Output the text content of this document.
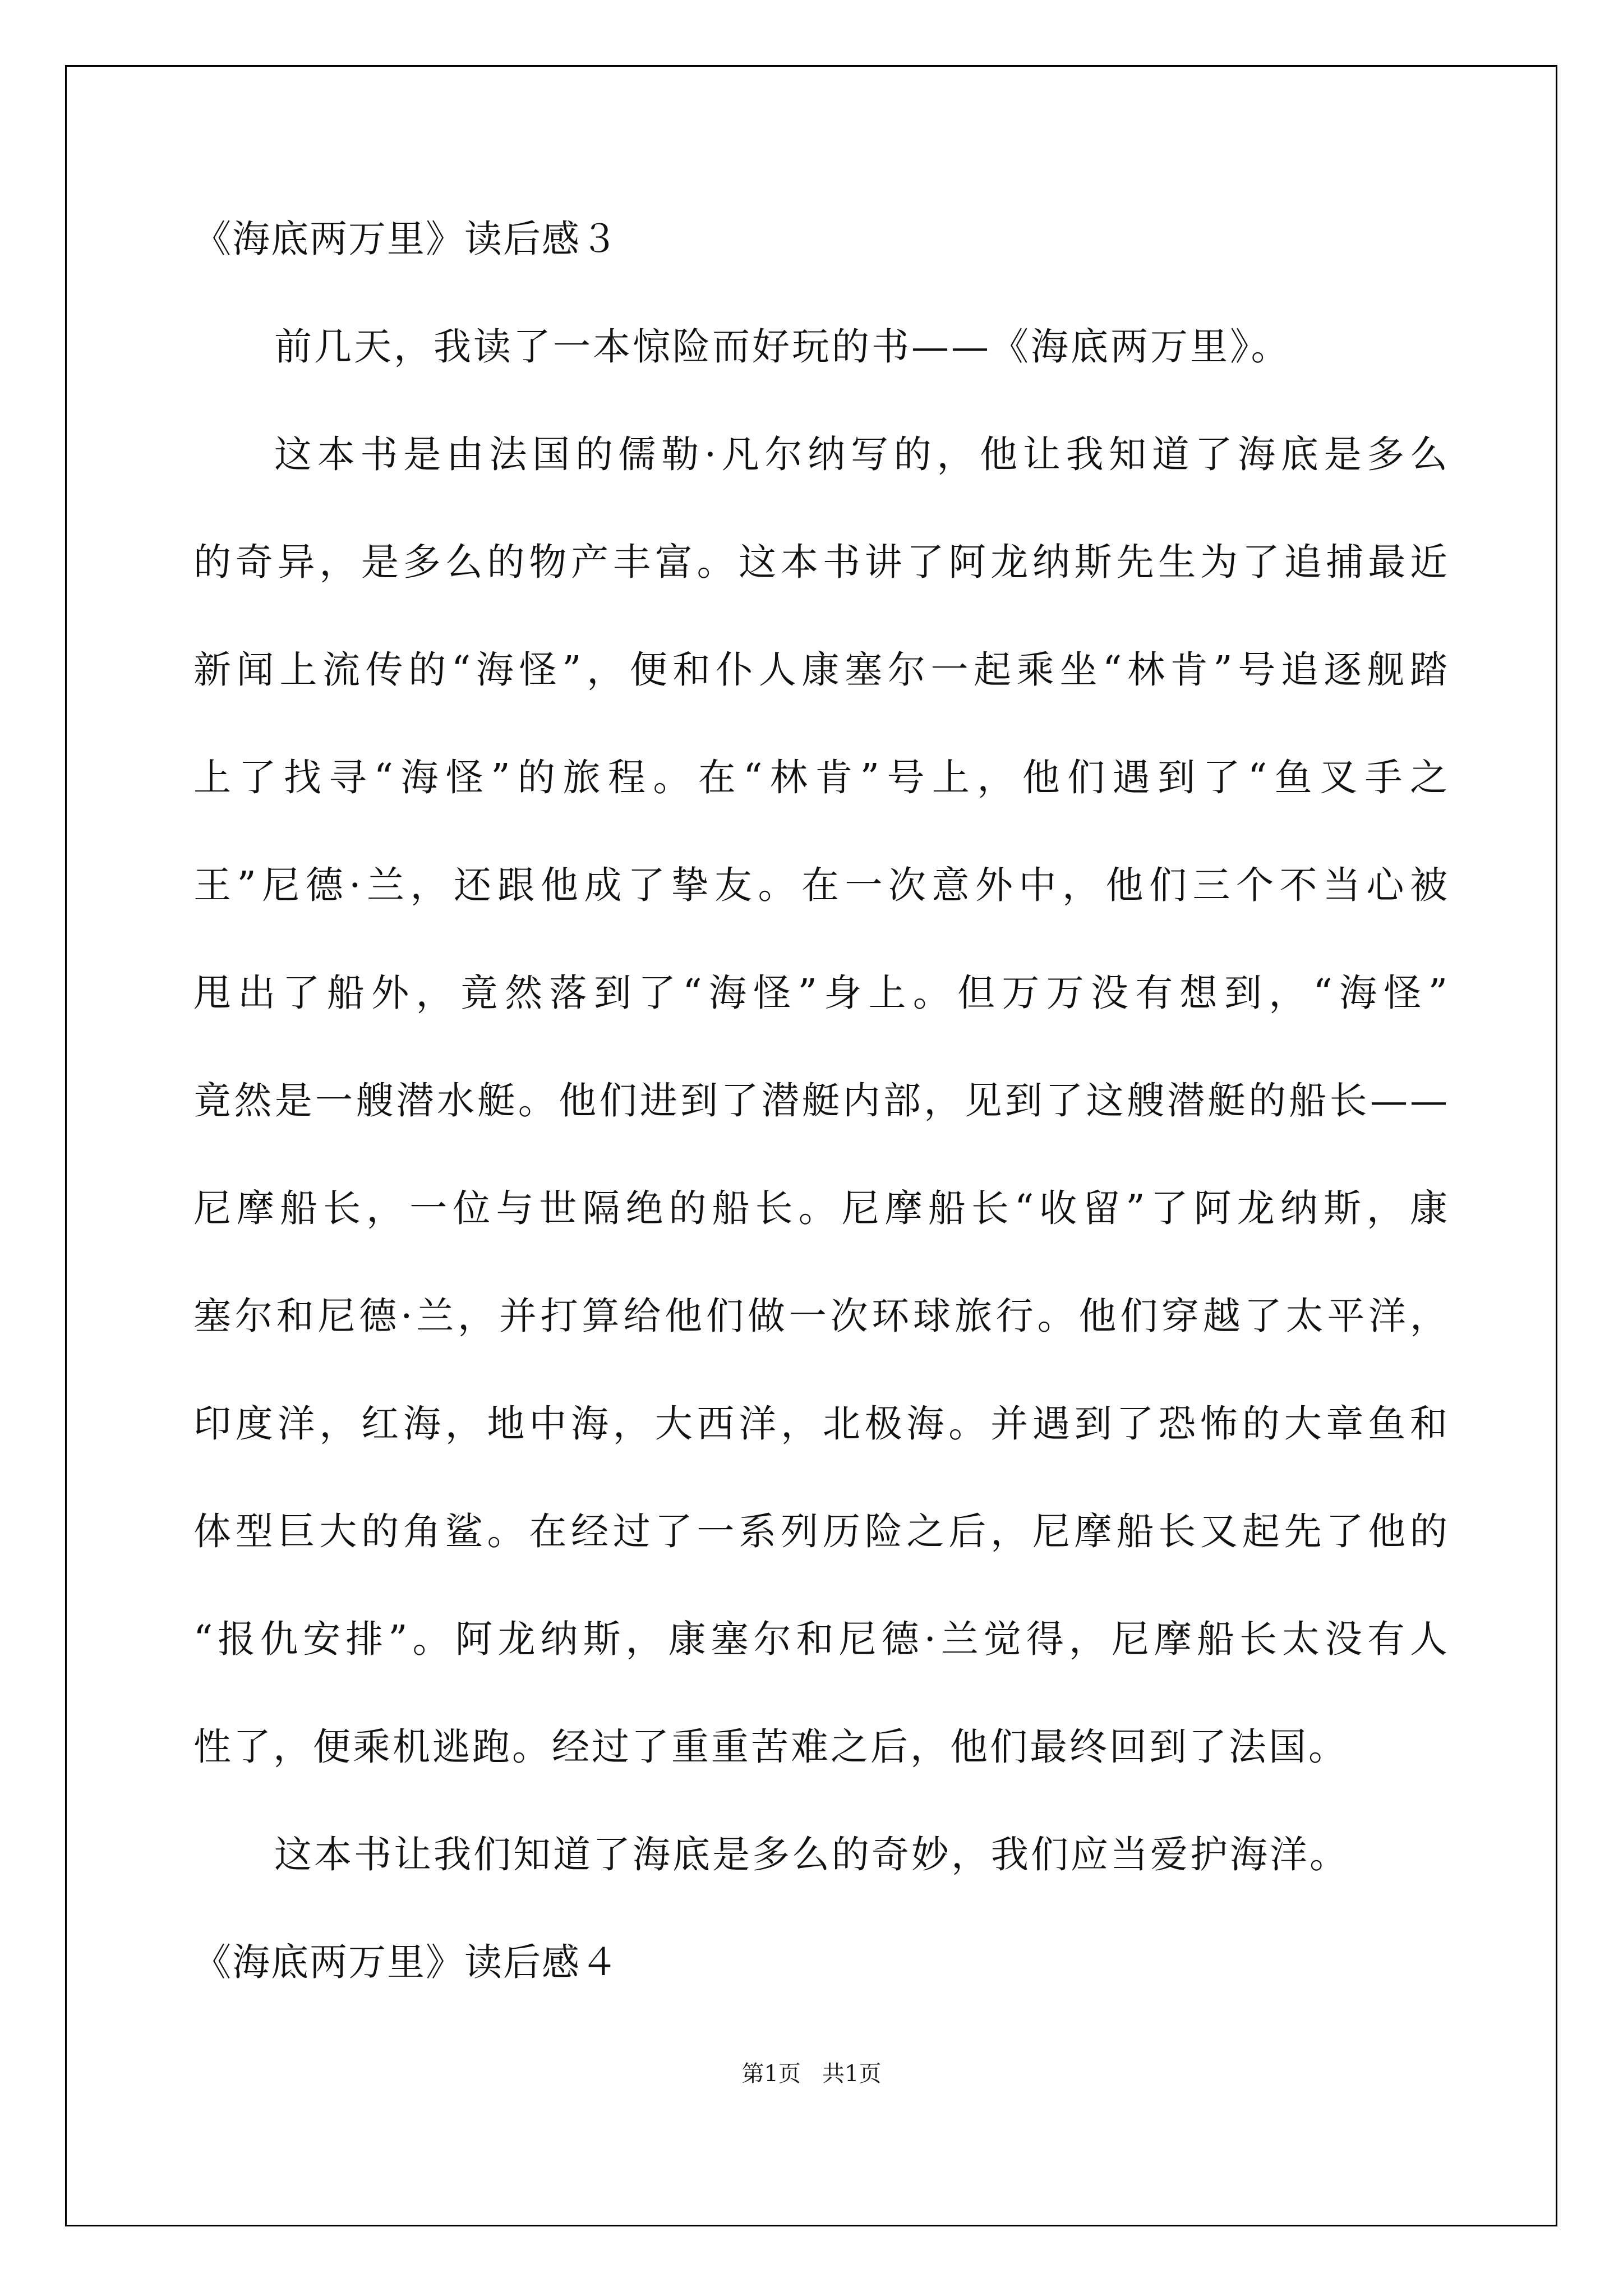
《海底两万里》读后感３
前几天，我读了一本惊险而好玩的书——《海底两万里》。
这本书是由法国的儒勒·凡尔纳写的，他让我知道了海底是多么
的奇异，是多么的物产丰富。这本书讲了阿龙纳斯先生为了追捕最近
新闻上流传的“海怪”，便和仆人康塞尔一起乘坐“林肯”号追逐舰踏
上了找寻“海怪”的旅程。在“林肯”号上，他们遇到了“鱼叉手之
王”尼德·兰，还跟他成了挚友。在一次意外中，他们三个不当心被
甩出了船外，竟然落到了“海怪”身上。但万万没有想到，“海怪”
竟然是一艘潜水艇。他们进到了潜艇内部，见到了这艘潜艇的船长——
尼摩船长，一位与世隔绝的船长。尼摩船长“收留”了阿龙纳斯，康
塞尔和尼德·兰，并打算给他们做一次环球旅行。他们穿越了太平洋，
印度洋，红海，地中海，大西洋，北极海。并遇到了恐怖的大章鱼和
体型巨大的角鲨。在经过了一系列历险之后，尼摩船长又起先了他的
“报仇安排”。阿龙纳斯，康塞尔和尼德·兰觉得，尼摩船长太没有人
性了，便乘机逃跑。经过了重重苦难之后，他们最终回到了法国。
这本书让我们知道了海底是多么的奇妙，我们应当爱护海洋。
《海底两万里》读后感４
第1页   共1页
